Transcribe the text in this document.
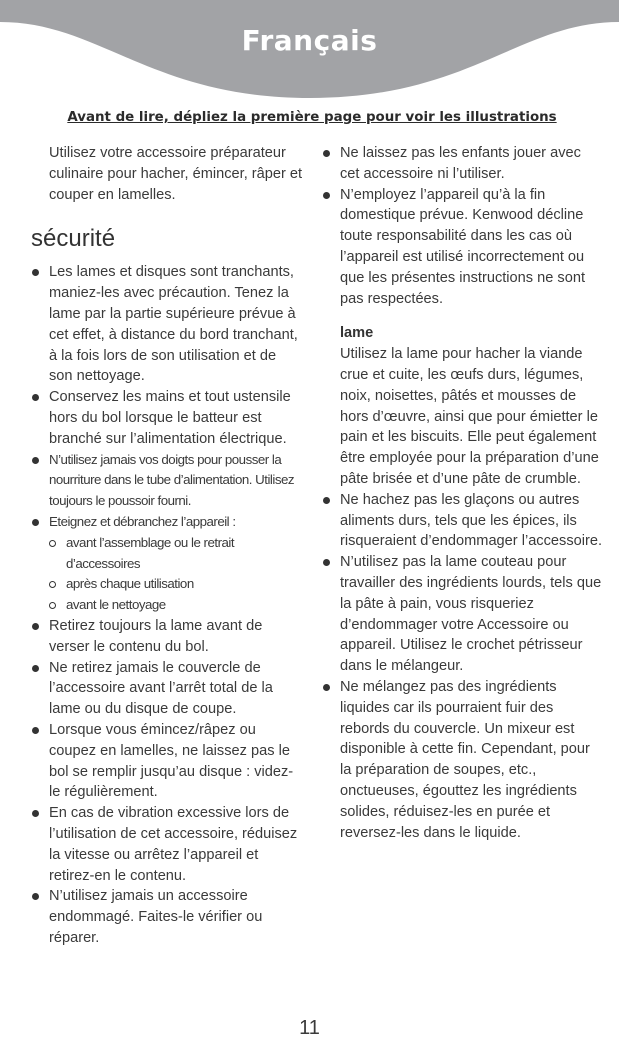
Français
Avant de lire, dépliez la première page pour voir les illustrations

Utilisez votre accessoire préparateur culinaire pour hacher, émincer, râper et couper en lamelles.

sécurité
Les lames et disques sont tranchants, maniez-les avec précaution. Tenez la lame par la partie supérieure prévue à cet effet, à distance du bord tranchant, à la fois lors de son utilisation et de son nettoyage.
Conservez les mains et tout ustensile hors du bol lorsque le batteur est branché sur l’alimentation électrique.
N’utilisez jamais vos doigts pour pousser la nourriture dans le tube d’alimentation. Utilisez toujours le poussoir fourni.
Eteignez et débranchez l’appareil :
avant l’assemblage ou le retrait d’accessoires
après chaque utilisation
avant le nettoyage
Retirez toujours la lame avant de verser le contenu du bol.
Ne retirez jamais le couvercle de l’accessoire avant l’arrêt total de la lame ou du disque de coupe.
Lorsque vous émincez/râpez ou coupez en lamelles, ne laissez pas le bol se remplir jusqu’au disque : videz-le régulièrement.
En cas de vibration excessive lors de l’utilisation de cet accessoire, réduisez la vitesse ou arrêtez l’appareil et retirez-en le contenu.
N’utilisez jamais un accessoire endommagé. Faites-le vérifier ou réparer.
Ne laissez pas les enfants jouer avec cet accessoire ni l’utiliser.
N’employez l’appareil qu’à la fin domestique prévue. Kenwood décline toute responsabilité dans les cas où l’appareil est utilisé incorrectement ou que les présentes instructions ne sont pas respectées.
lame

Utilisez la lame pour hacher la viande crue et cuite, les œufs durs, légumes, noix, noisettes, pâtés et mousses de hors d’œuvre, ainsi que pour émietter le pain et les biscuits. Elle peut également être employée pour la préparation d’une pâte brisée et d’une pâte de crumble.

Ne hachez pas les glaçons ou autres aliments durs, tels que les épices, ils risqueraient d’endommager l’accessoire.
N’utilisez pas la lame couteau pour travailler des ingrédients lourds, tels que la pâte à pain, vous risqueriez d’endommager votre Accessoire ou appareil. Utilisez le crochet pétrisseur dans le mélangeur.
Ne mélangez pas des ingrédients liquides car ils pourraient fuir des rebords du couvercle. Un mixeur est disponible à cette fin. Cependant, pour la préparation de soupes, etc., onctueuses, égouttez les ingrédients solides, réduisez-les en purée et reversez-les dans le liquide.
11
